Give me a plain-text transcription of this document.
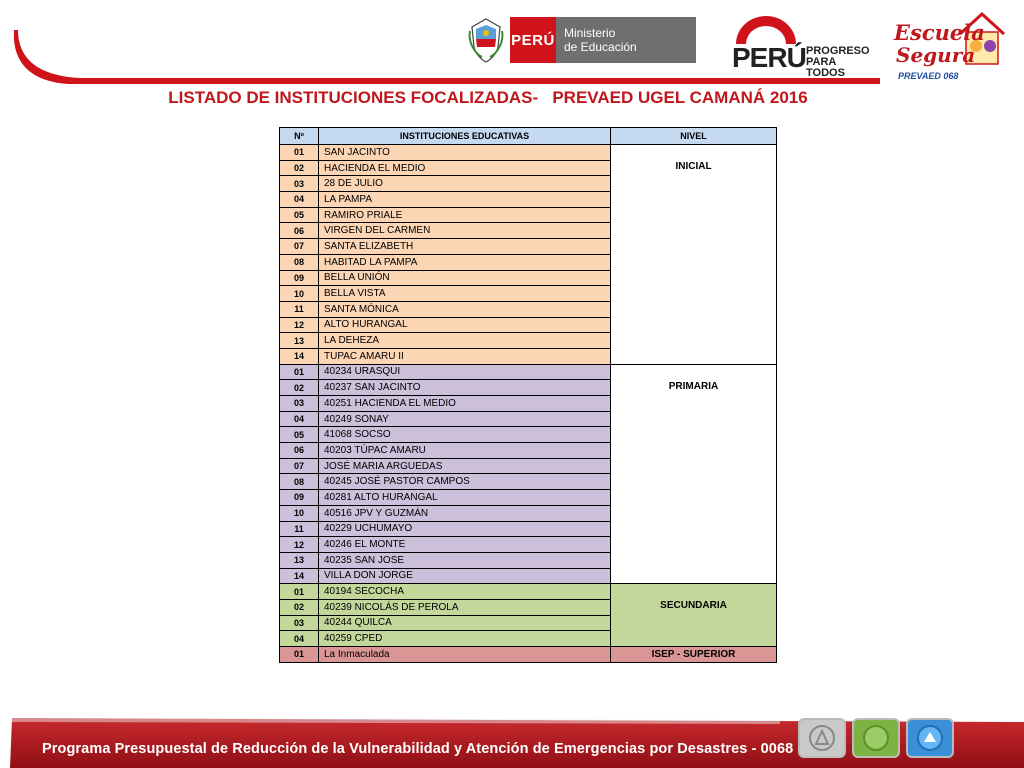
PERÚ Ministerio
de Educación	PERÚ PROGRESO
PARA TODOS
Escuela
Segura
PREVAED 068
LISTADO DE INSTITUCIONES FOCALIZADAS-   PREVAED UGEL CAMANÁ 2016
Nº	INSTITUCIONES EDUCATIVAS	NIVEL
01	SAN JACINTO	INICIAL

02	HACIENDA EL MEDIO	
03	28 DE JULIO	
04	LA PAMPA	
05	RAMIRO PRIALE	
06	VIRGEN DEL CARMEN	
07	SANTA ELIZABETH	
08	HABITAD LA PAMPA	
09	BELLA UNIÓN	
10	BELLA VISTA	
11	SANTA MÓNICA	
12	ALTO HURANGAL	
13	LA DEHEZA	
14	TUPAC AMARU II	
01	40234 URASQUI	PRIMARIA

02	40237 SAN JACINTO	
03	40251 HACIENDA EL MEDIO	
04	40249 SONAY	
05	41068 SOCSO	
06	40203 TÚPAC AMARU	
07	JOSÉ MARIA ARGUEDAS	
08	40245 JOSÉ PASTOR CAMPOS	
09	40281 ALTO HURANGAL	
10	40516 JPV Y GUZMÁN	
11	40229 UCHUMAYO	
12	40246 EL MONTE	
13	40235 SAN JOSE	
14	VILLA DON JORGE	
01	40194 SECOCHA	SECUNDARIA

02	40239 NICOLÁS DE PEROLA	
03	40244 QUILCA	
04	40259 CPED	
01	La Inmaculada	ISEP - SUPERIOR
Programa Presupuestal de Reducción de la Vulnerabilidad y Atención de Emergencias por Desastres - 0068
